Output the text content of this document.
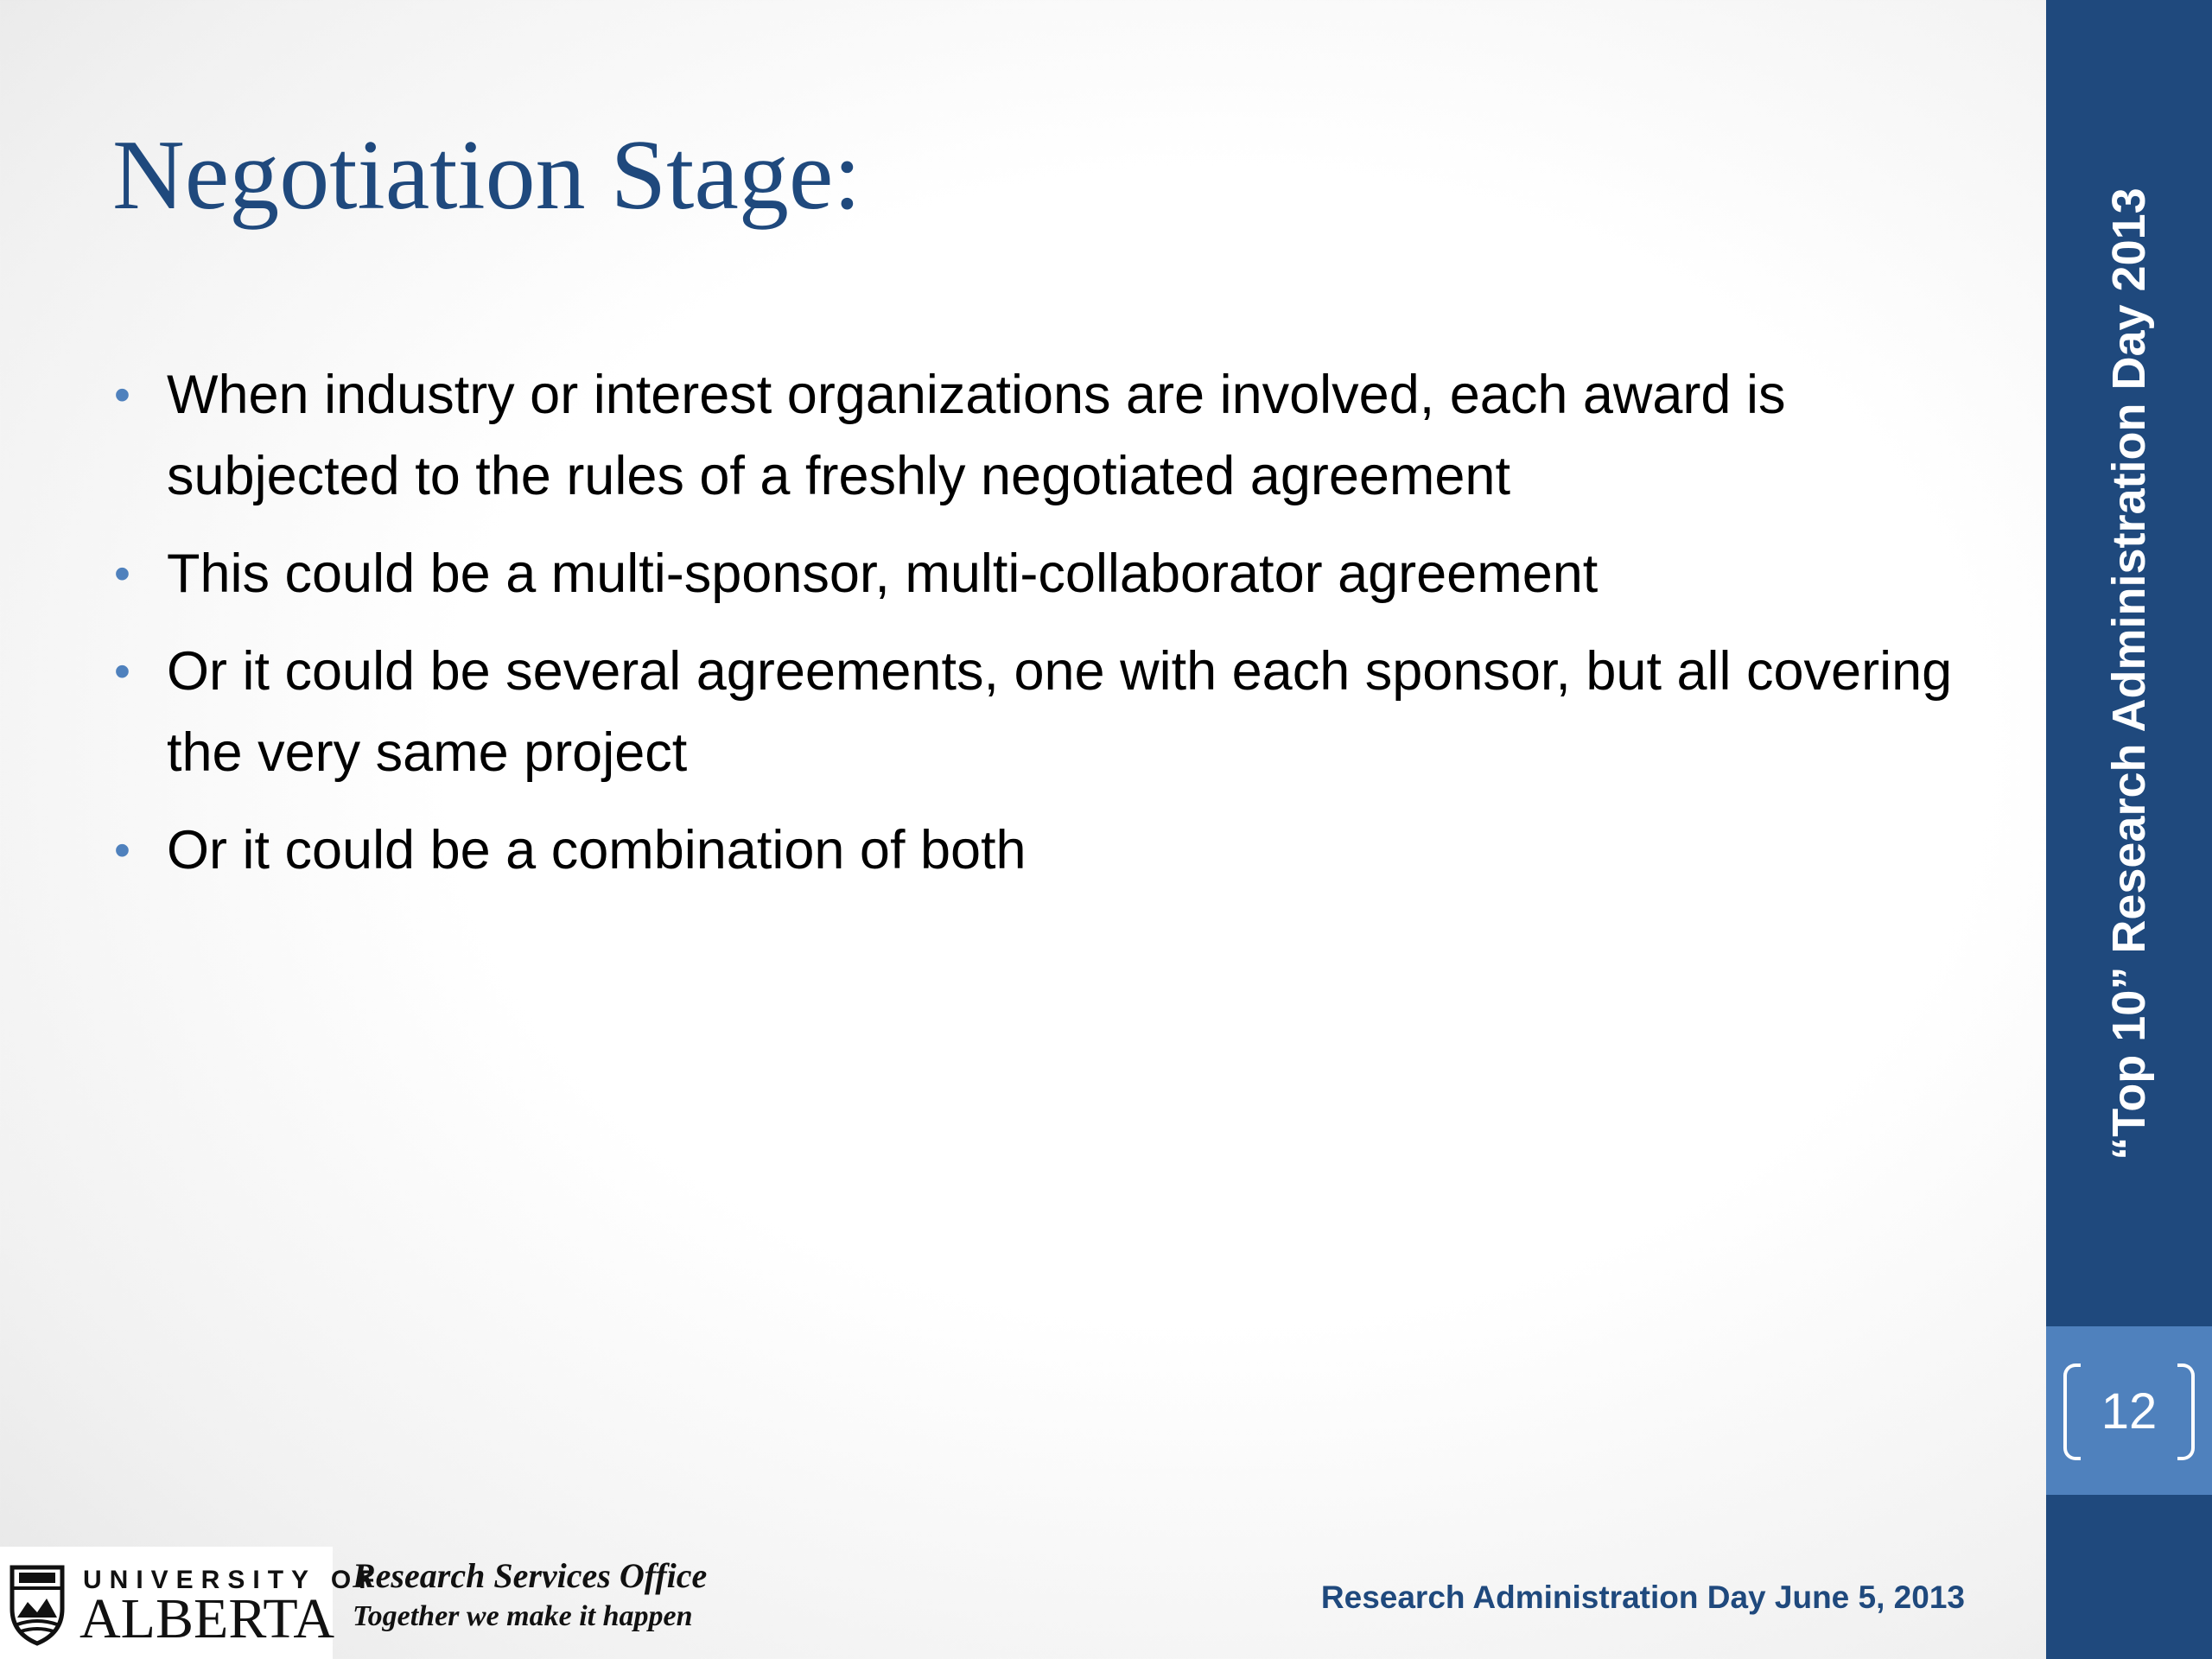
Negotiation Stage:
• When industry or interest organizations are involved, each award is subjected to the rules of a freshly negotiated agreement
• This could be a multi-sponsor, multi-collaborator agreement
• Or it could be several agreements, one with each sponsor, but all covering the very same project
• Or it could be a combination of both	“Top 10” Research Administration Day 2013
12
UNIVERSITY OF
ALBERTA
Research Services Office
Together we make it happen
Research Administration Day June 5, 2013
